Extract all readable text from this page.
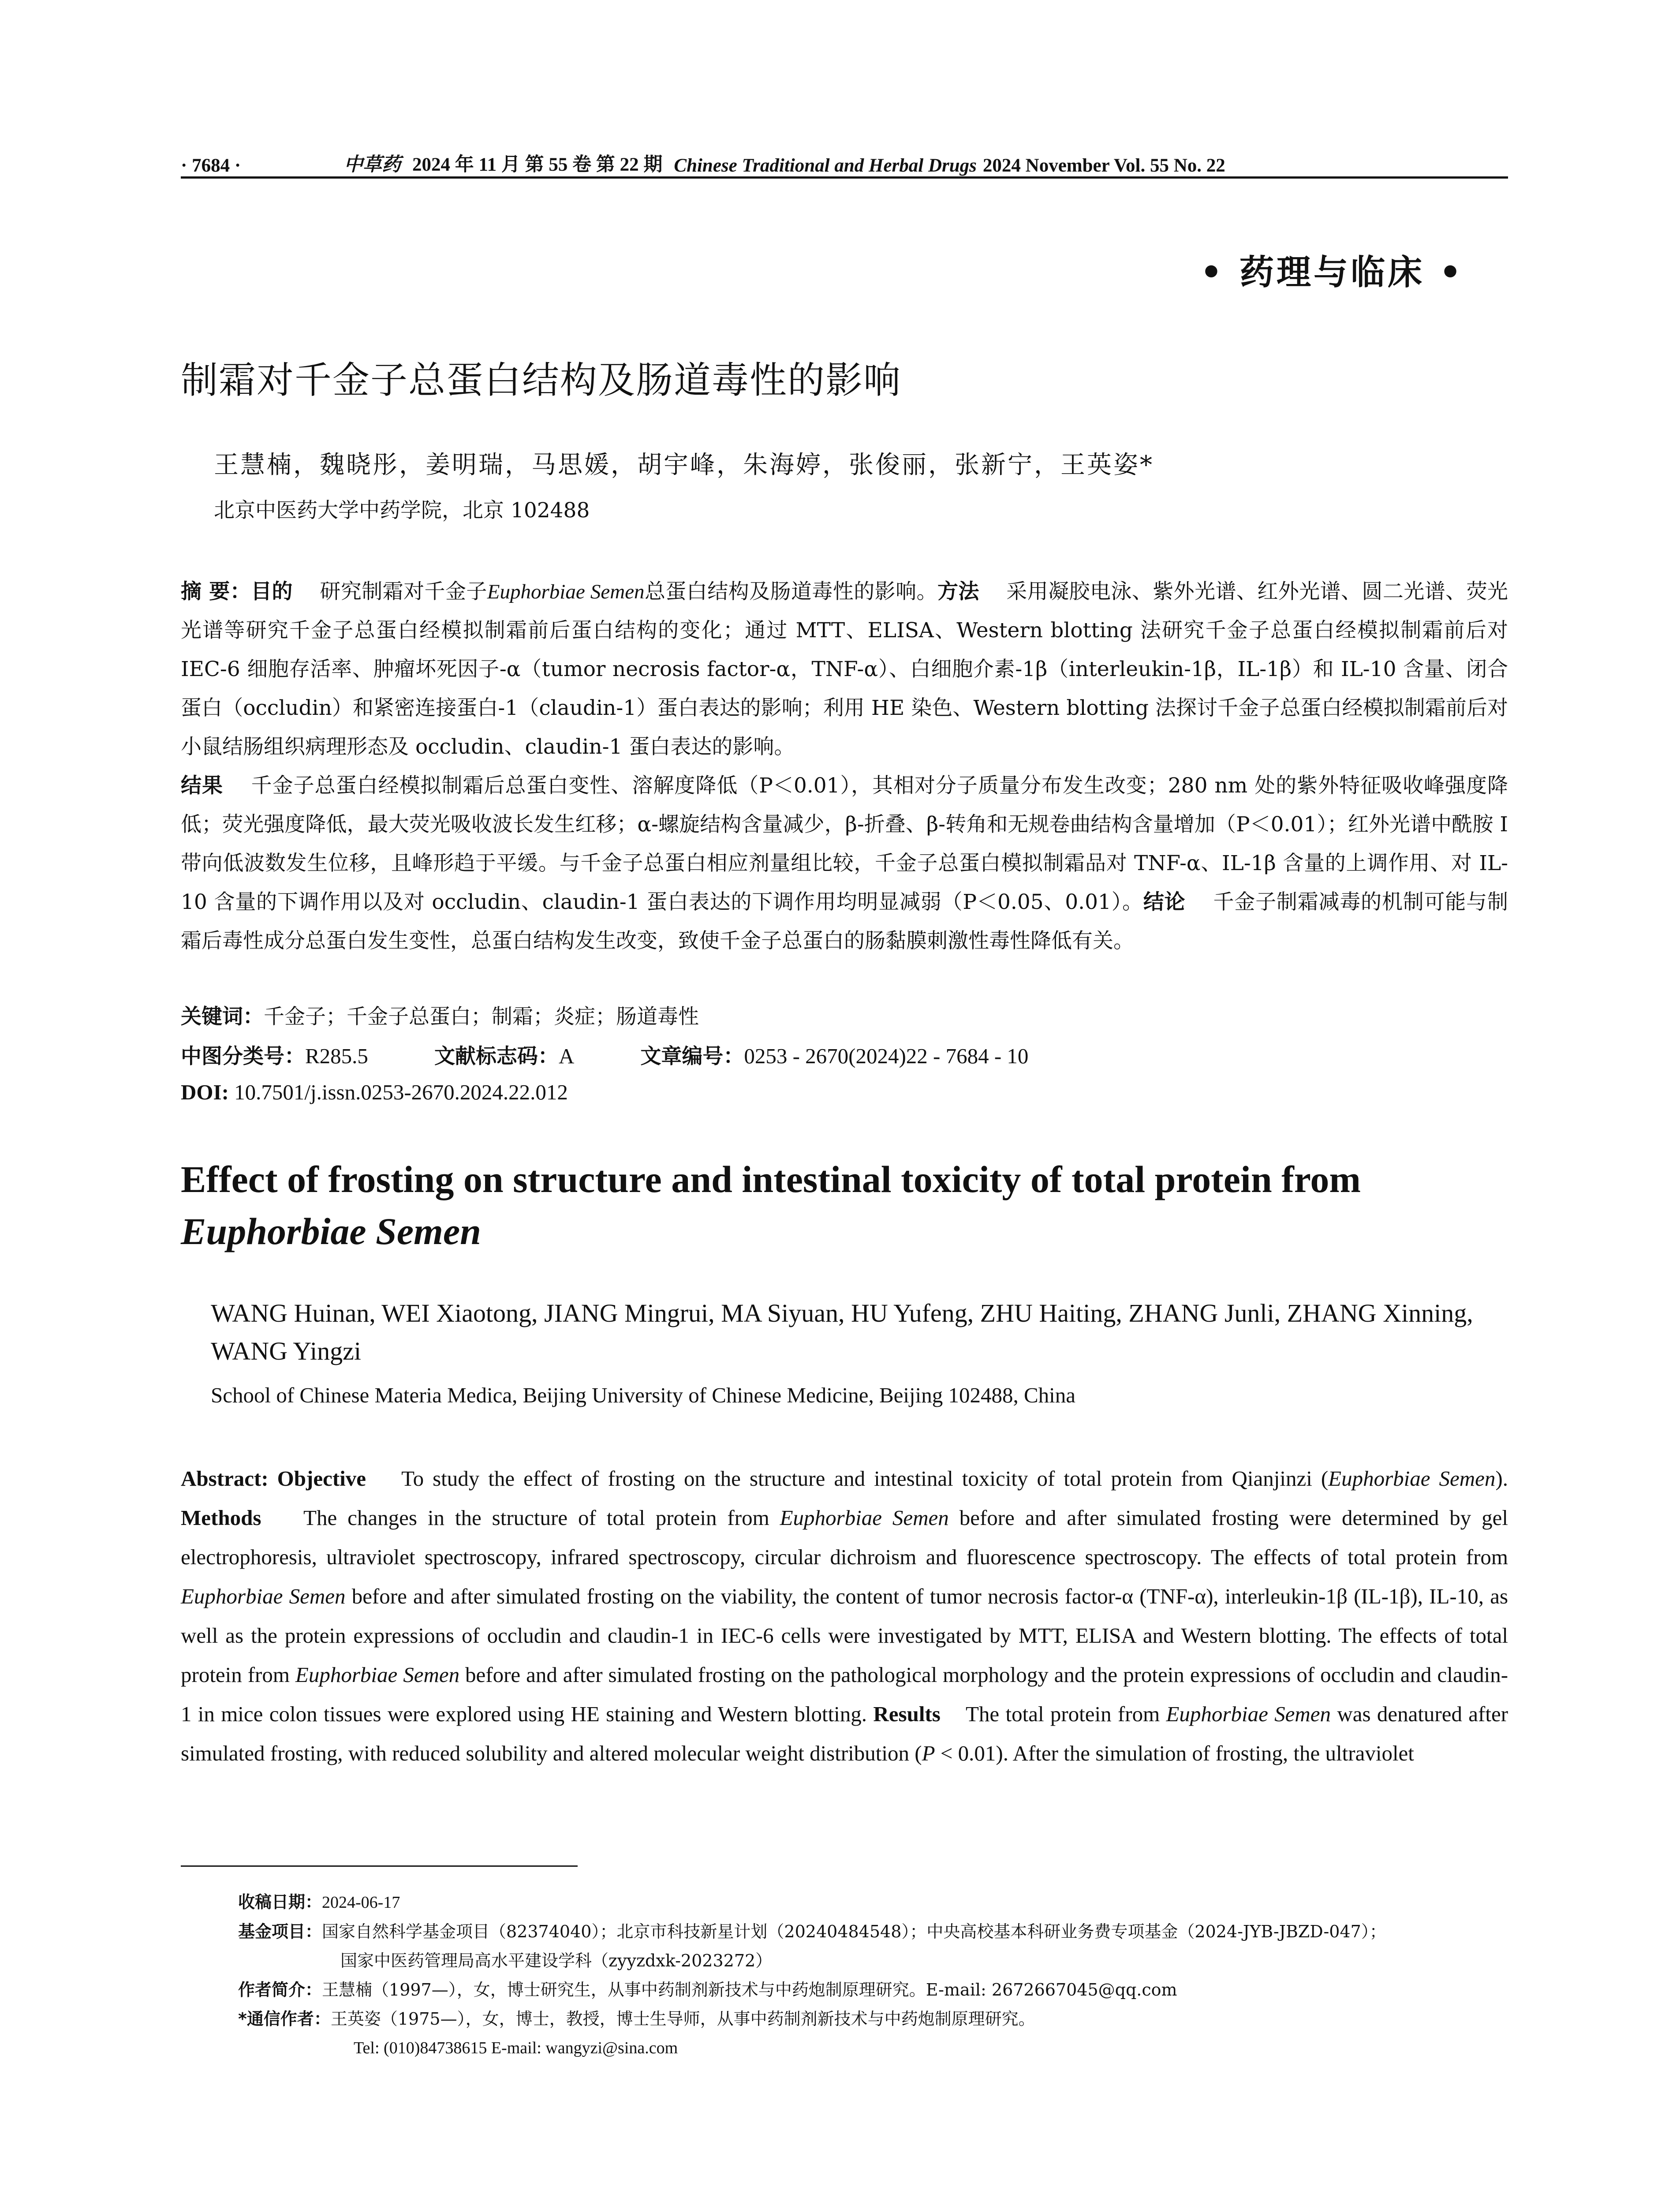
· 7684 ·	中草药 2024 年 11 月 第 55 卷 第 22 期 Chinese Traditional and Herbal Drugs 2024 November Vol. 55 No. 22
• 药理与临床 •
制霜对千金子总蛋白结构及肠道毒性的影响
王慧楠，魏晓彤，姜明瑞，马思媛，胡宇峰，朱海婷，张俊丽，张新宁，王英姿*
北京中医药大学中药学院，北京 102488
摘 要：目的 研究制霜对千金子Euphorbiae Semen总蛋白结构及肠道毒性的影响。方法 采用凝胶电泳、紫外光谱、红外光谱、圆二光谱、荧光光谱等研究千金子总蛋白经模拟制霜前后蛋白结构的变化；通过 MTT、ELISA、Western blotting 法研究千金子总蛋白经模拟制霜前后对 IEC-6 细胞存活率、肿瘤坏死因子-α（tumor necrosis factor-α，TNF-α）、白细胞介素-1β（interleukin-1β，IL-1β）和 IL-10 含量、闭合蛋白（occludin）和紧密连接蛋白-1（claudin-1）蛋白表达的影响；利用 HE 染色、Western blotting 法探讨千金子总蛋白经模拟制霜前后对小鼠结肠组织病理形态及 occludin、claudin-1 蛋白表达的影响。
结果 千金子总蛋白经模拟制霜后总蛋白变性、溶解度降低（P＜0.01），其相对分子质量分布发生改变；280 nm 处的紫外特征吸收峰强度降低；荧光强度降低，最大荧光吸收波长发生红移；α-螺旋结构含量减少，β-折叠、β-转角和无规卷曲结构含量增加（P＜0.01）；红外光谱中酰胺 I 带向低波数发生位移，且峰形趋于平缓。与千金子总蛋白相应剂量组比较，千金子总蛋白模拟制霜品对 TNF-α、IL-1β 含量的上调作用、对 IL-10 含量的下调作用以及对 occludin、claudin-1 蛋白表达的下调作用均明显减弱（P＜0.05、0.01）。结论 千金子制霜减毒的机制可能与制霜后毒性成分总蛋白发生变性，总蛋白结构发生改变，致使千金子总蛋白的肠黏膜刺激性毒性降低有关。
关键词：千金子；千金子总蛋白；制霜；炎症；肠道毒性
中图分类号：R285.5	文献标志码：A	文章编号：0253 - 2670(2024)22 - 7684 - 10
DOI: 10.7501/j.issn.0253-2670.2024.22.012
Effect of frosting on structure and intestinal toxicity of total protein from
Euphorbiae Semen
WANG Huinan, WEI Xiaotong, JIANG Mingrui, MA Siyuan, HU Yufeng, ZHU Haiting, ZHANG Junli, ZHANG Xinning, WANG Yingzi
School of Chinese Materia Medica, Beijing University of Chinese Medicine, Beijing 102488, China
Abstract: Objective To study the effect of frosting on the structure and intestinal toxicity of total protein from Qianjinzi (Euphorbiae Semen). Methods The changes in the structure of total protein from Euphorbiae Semen before and after simulated frosting were determined by gel electrophoresis, ultraviolet spectroscopy, infrared spectroscopy, circular dichroism and fluorescence spectroscopy. The effects of total protein from Euphorbiae Semen before and after simulated frosting on the viability, the content of tumor necrosis factor-α (TNF-α), interleukin-1β (IL-1β), IL-10, as well as the protein expressions of occludin and claudin-1 in IEC-6 cells were investigated by MTT, ELISA and Western blotting. The effects of total protein from Euphorbiae Semen before and after simulated frosting on the pathological morphology and the protein expressions of occludin and claudin-1 in mice colon tissues were explored using HE staining and Western blotting. Results The total protein from Euphorbiae Semen was denatured after simulated frosting, with reduced solubility and altered molecular weight distribution (P < 0.01). After the simulation of frosting, the ultraviolet
收稿日期：2024-06-17
基金项目：国家自然科学基金项目（82374040）；北京市科技新星计划（20240484548）；中央高校基本科研业务费专项基金（2024-JYB-JBZD-047）；
国家中医药管理局高水平建设学科（zyyzdxk-2023272）
作者简介：王慧楠（1997—），女，博士研究生，从事中药制剂新技术与中药炮制原理研究。E-mail: 2672667045@qq.com
*通信作者：王英姿（1975—），女，博士，教授，博士生导师，从事中药制剂新技术与中药炮制原理研究。
Tel: (010)84738615 E-mail: wangyzi@sina.com
